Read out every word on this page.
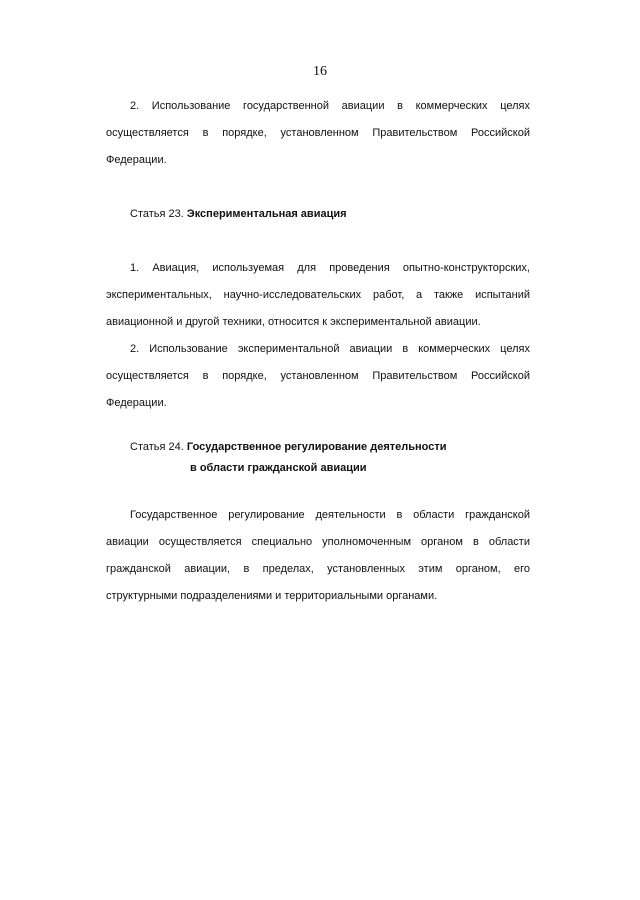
16
2. Использование государственной авиации в коммерческих целях
осуществляется в порядке, установленном Правительством Российской
Федерации.
Статья 23. Экспериментальная авиация
1. Авиация, используемая для проведения опытно-конструкторских,
экспериментальных, научно-исследовательских работ, а также испытаний
авиационной и другой техники, относится к экспериментальной авиации.
2. Использование экспериментальной авиации в коммерческих целях
осуществляется в порядке, установленном Правительством Российской
Федерации.
Статья 24. Государственное регулирование деятельности
в области гражданской авиации
Государственное регулирование деятельности в области гражданской
авиации осуществляется специально уполномоченным органом в области
гражданской авиации, в пределах, установленных этим органом, его
структурными подразделениями и территориальными органами.
